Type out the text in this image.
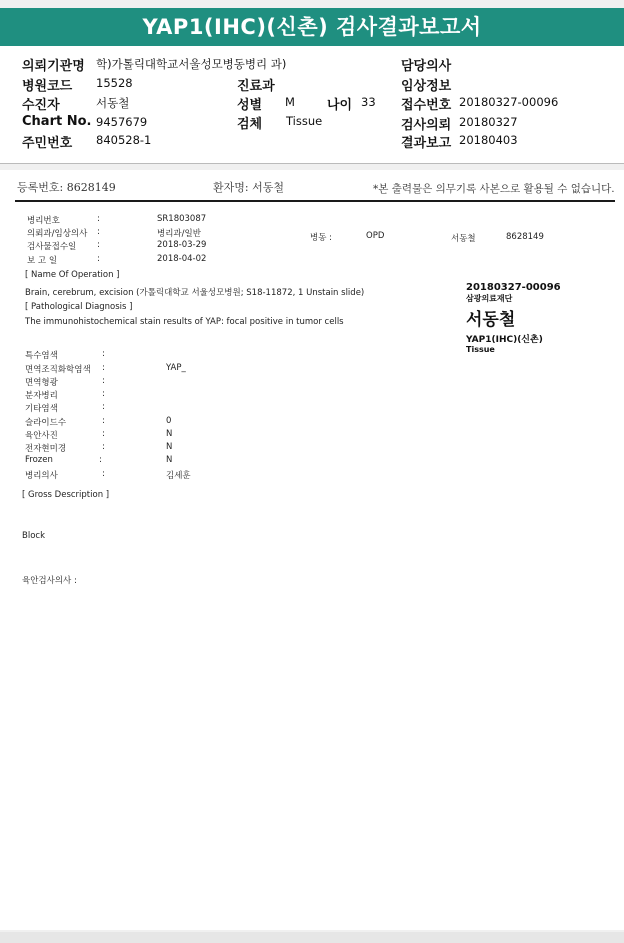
YAP1(IHC)(신촌) 검사결과보고서
의뢰기관명 학)가톨릭대학교서울성모병동병리 과)	담당의사
병원코드 15528	진료과	임상정보
수진자	서동철	성별 M 나이 33 접수번호 20180327-00096
Chart No. 9457679	검체 Tissue	검사의뢰 20180327
주민번호 840528-1	결과보고 20180403
등록번호: 8628149	환자명: 서동철	*본 출력물은 의무기록 사본으로 활용될 수 없습니다.
병리번호	:	SR1803087
의뢰과/임상의사 :	병리과/일반	병동 :	OPD	서동철	8628149
검사물접수일 :	2018-03-29
보 고 일	:	2018-04-02
[ Name Of Operation ]
Brain, cerebrum, excision (가톨릭대학교 서울성모병원; S18-11872, 1 Unstain slide)
[ Pathological Diagnosis ]
The immunohistochemical stain results of YAP: focal positive in tumor cells
특수염색	:
면역조직화학염색 :	YAP_
면역형광	:
분자병리	:
기타염색	:
슬라이드수	:	0
육안사진	:	N
전자현미경	:	N
Frozen	:	N
병리의사	:	김세훈
[ Gross Description ]
Block
육안검사의사 :
20180327-00096
삼광의료재단
서동철
YAP1(IHC)(신촌)
Tissue
